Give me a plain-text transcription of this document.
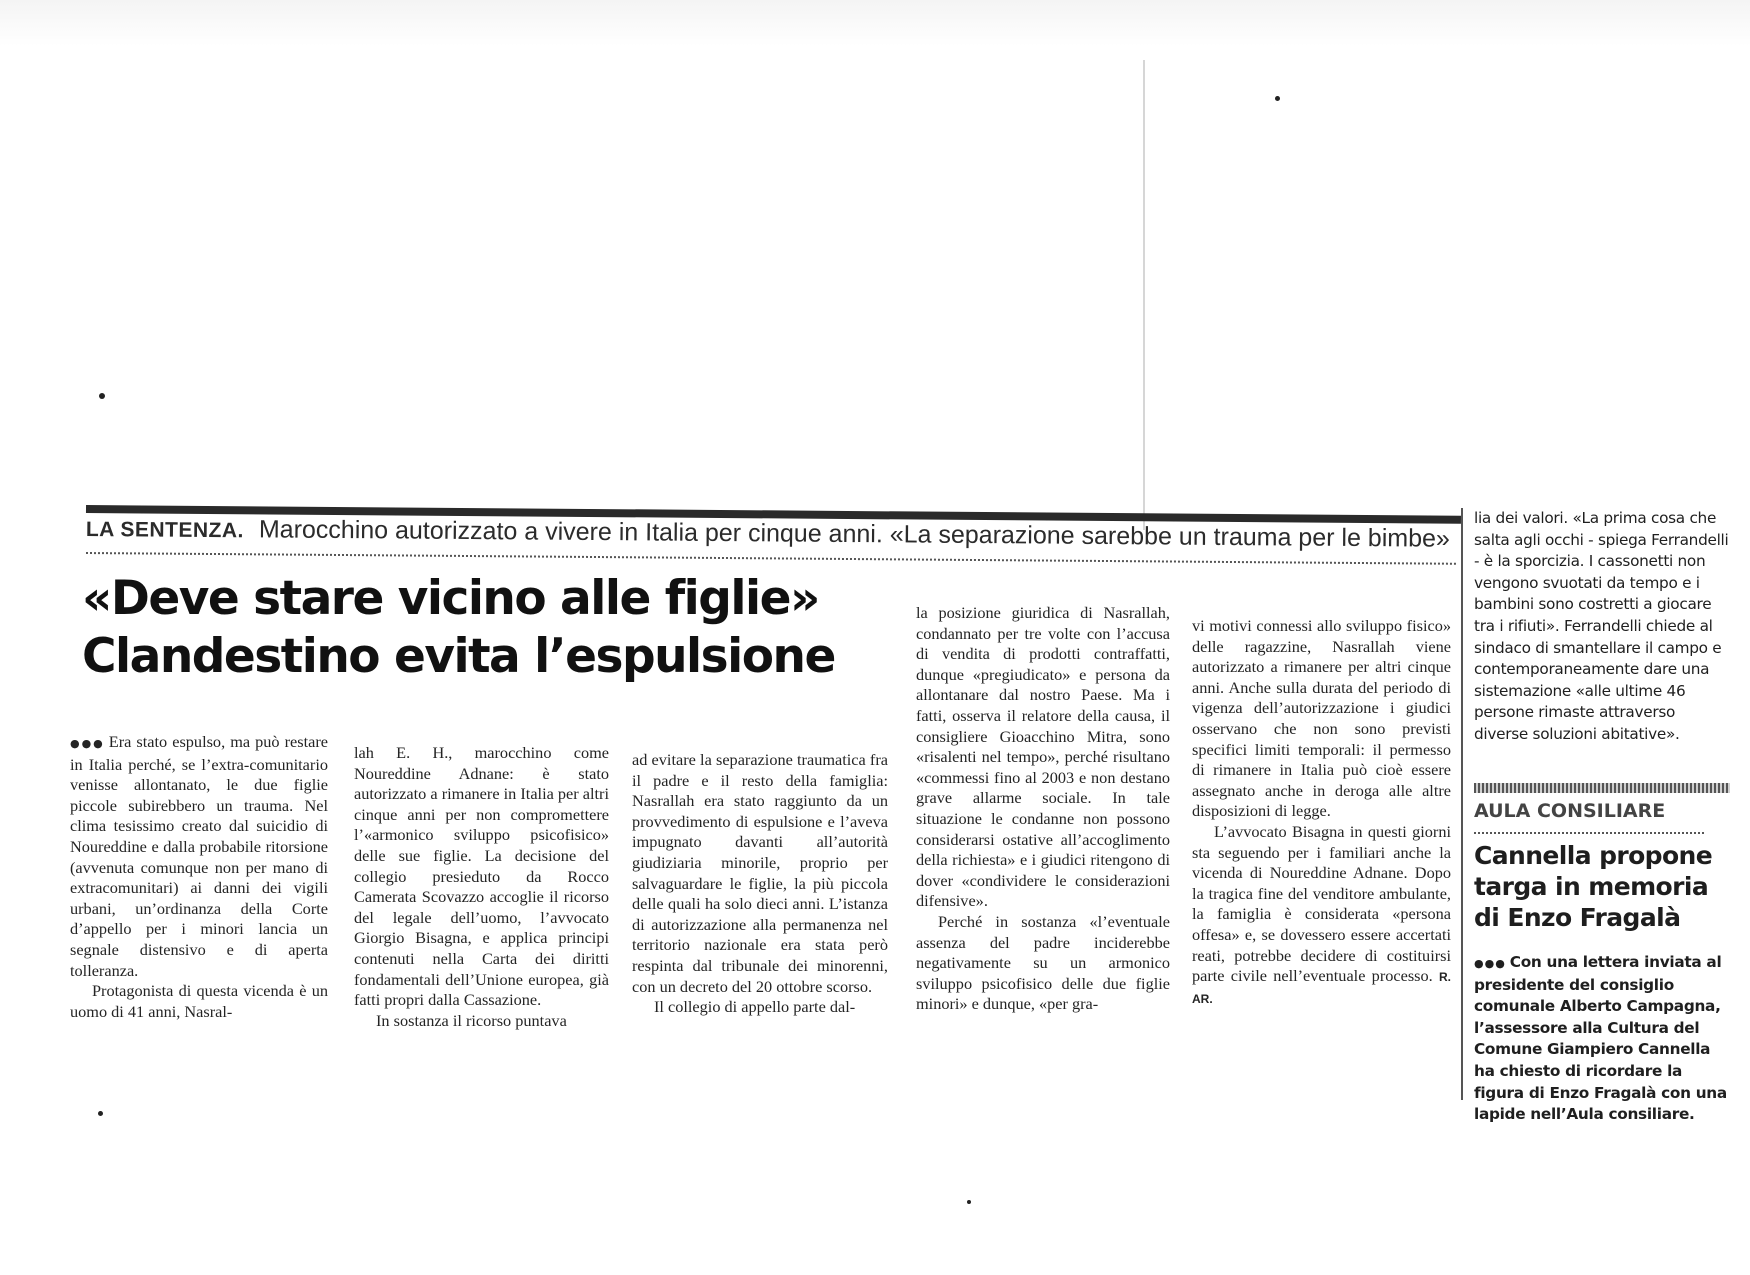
LA SENTENZA. Marocchino autorizzato a vivere in Italia per cinque anni. «La separazione sarebbe un trauma per le bimbe»
«Deve stare vicino alle figlie»
Clandestino evita l’espulsione
●●● Era stato espulso, ma può restare in Italia perché, se l’extra-comunitario venisse allontanato, le due figlie piccole subirebbero un trauma. Nel clima tesissimo creato dal suicidio di Noureddine e dalla probabile ritorsione (avvenuta comunque non per mano di extracomunitari) ai danni dei vigili urbani, un’ordinanza della Corte d’appello per i minori lancia un segnale distensivo e di aperta tolleranza.
Protagonista di questa vicenda è un uomo di 41 anni, Nasral-
lah E. H., marocchino come Noureddine Adnane: è stato autorizzato a rimanere in Italia per altri cinque anni per non compromettere l’«armonico sviluppo psicofisico» delle sue figlie. La decisione del collegio presieduto da Rocco Camerata Scovazzo accoglie il ricorso del legale dell’uomo, l’avvocato Giorgio Bisagna, e applica principi contenuti nella Carta dei diritti fondamentali dell’Unione europea, già fatti propri dalla Cassazione.
In sostanza il ricorso puntava
ad evitare la separazione traumatica fra il padre e il resto della famiglia: Nasrallah era stato raggiunto da un provvedimento di espulsione e l’aveva impugnato davanti all’autorità giudiziaria minorile, proprio per salvaguardare le figlie, la più piccola delle quali ha solo dieci anni. L’istanza di autorizzazione alla permanenza nel territorio nazionale era stata però respinta dal tribunale dei minorenni, con un decreto del 20 ottobre scorso.
Il collegio di appello parte dal-
la posizione giuridica di Nasrallah, condannato per tre volte con l’accusa di vendita di prodotti contraffatti, dunque «pregiudicato» e persona da allontanare dal nostro Paese. Ma i fatti, osserva il relatore della causa, il consigliere Gioacchino Mitra, sono «risalenti nel tempo», perché risultano «commessi fino al 2003 e non destano grave allarme sociale. In tale situazione le condanne non possono considerarsi ostative all’accoglimento della richiesta» e i giudici ritengono di dover «condividere le considerazioni difensive».
Perché in sostanza «l’eventuale assenza del padre inciderebbe negativamente su un armonico sviluppo psicofisico delle due figlie minori» e dunque, «per gra-
vi motivi connessi allo sviluppo fisico» delle ragazzine, Nasrallah viene autorizzato a rimanere per altri cinque anni. Anche sulla durata del periodo di vigenza dell’autorizzazione i giudici osservano che non sono previsti specifici limiti temporali: il permesso di rimanere in Italia può cioè essere assegnato anche in deroga alle altre disposizioni di legge.
L’avvocato Bisagna in questi giorni sta seguendo per i familiari anche la vicenda di Noureddine Adnane. Dopo la tragica fine del venditore ambulante, la famiglia è considerata «persona offesa» e, se dovessero essere accertati reati, potrebbe decidere di costituirsi parte civile nell’eventuale processo. R. AR.

lia dei valori. «La prima cosa che salta agli occhi - spiega Ferrandelli - è la sporcizia. I cassonetti non vengono svuotati da tempo e i bambini sono costretti a giocare tra i rifiuti». Ferrandelli chiede al sindaco di smantellare il campo e contemporaneamente dare una sistemazione «alle ultime 46 persone rimaste attraverso diverse soluzioni abitative».

AULA CONSILIARE

Cannella propone
targa in memoria
di Enzo Fragalà

●●● Con una lettera inviata al presidente del consiglio comunale Alberto Campagna, l’assessore alla Cultura del Comune Giampiero Cannella ha chiesto di ricordare la figura di Enzo Fragalà con una lapide nell’Aula consiliare.
